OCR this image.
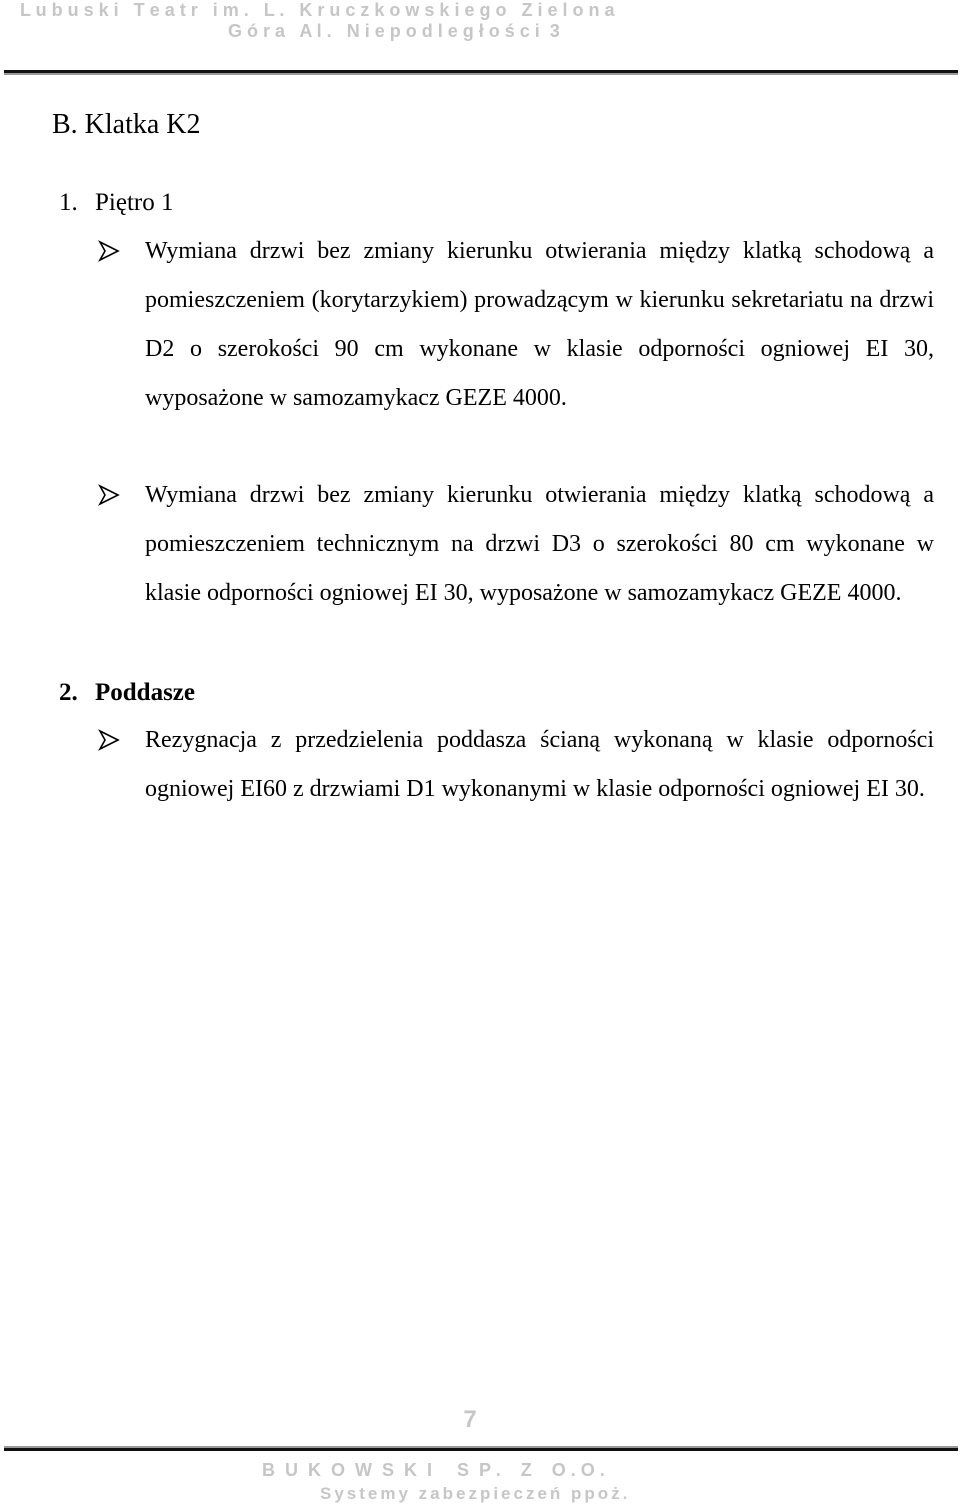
L u b u s k i   T e a t r   i m .   L .   K r u c z k o w s k i e g o   Z i e l o n a
G ó r a   A l .   N i e p o d l e g ł o ś c i  3
B. Klatka K2
1. Piętro 1
Wymiana drzwi bez zmiany kierunku otwierania między klatką schodową a pomieszczeniem (korytarzykiem) prowadzącym w kierunku sekretariatu na drzwi D2 o szerokości 90 cm wykonane w klasie odporności ogniowej EI 30, wyposażone w samozamykacz GEZE 4000.
Wymiana drzwi bez zmiany kierunku otwierania między klatką schodową a pomieszczeniem technicznym na drzwi D3 o szerokości 80 cm wykonane w klasie odporności ogniowej EI 30, wyposażone w samozamykacz GEZE 4000.
2. Poddasze
Rezygnacja z przedzielenia poddasza ścianą wykonaną w klasie odporności ogniowej EI60 z drzwiami D1 wykonanymi w klasie odporności ogniowej EI 30.
7
B  U  K  O  W  S  K  I     S  P .    Z    O . O .
Systemy zabezpieczeń ppoż.
